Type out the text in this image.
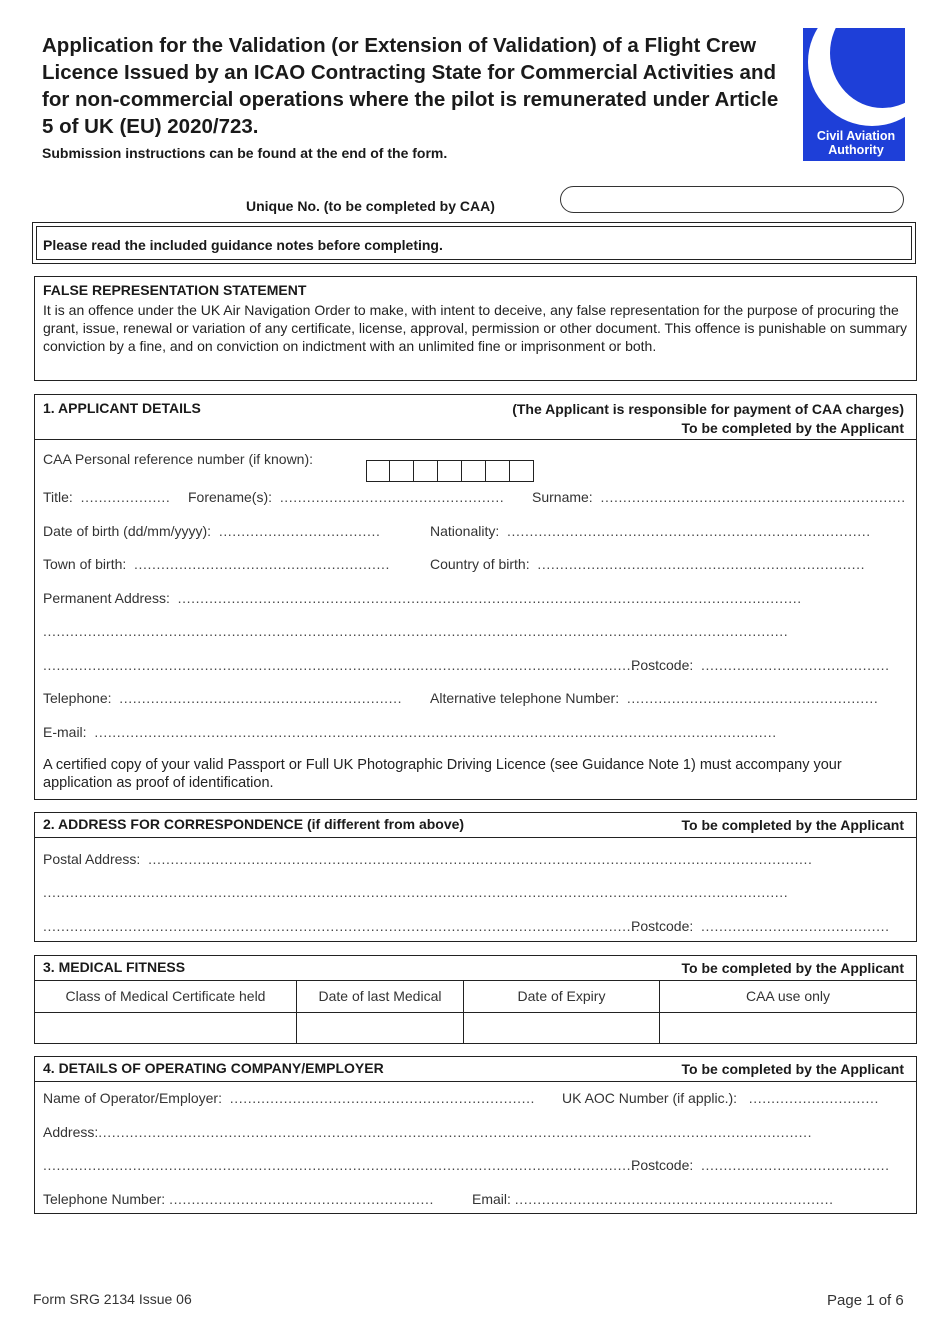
Application for the Validation (or Extension of Validation) of a Flight Crew Licence Issued by an ICAO Contracting State for Commercial Activities and for non-commercial operations where the pilot is remunerated under Article 5 of UK (EU) 2020/723.
Submission instructions can be found at the end of the form.
Civil Aviation
Authority
Unique No. (to be completed by CAA)
Please read the included guidance notes before completing.
FALSE REPRESENTATION STATEMENT
It is an offence under the UK Air Navigation Order to make, with intent to deceive, any false representation for the purpose of procuring the grant, issue, renewal or variation of any certificate, license, approval, permission or other document. This offence is punishable on summary conviction by a fine, and on conviction on indictment with an unlimited fine or imprisonment or both.
1. APPLICANT DETAILS	(The Applicant is responsible for payment of CAA charges)
To be completed by the Applicant
CAA Personal reference number (if known):
Title: .................... Forename(s): .................................................. Surname: ....................................................................
Date of birth (dd/mm/yyyy): ....................................	Nationality: .................................................................................
Town of birth: .........................................................	Country of birth: .........................................................................
Permanent Address: ...........................................................................................................................................
......................................................................................................................................................................
.....................................................................................................................................
Postcode: ..........................................
Telephone: ............................................................... Alternative telephone Number: ........................................................
E-mail: ........................................................................................................................................................
A certified copy of your valid Passport or Full UK Photographic Driving Licence (see Guidance Note 1) must accompany your application as proof of identification.
2. ADDRESS FOR CORRESPONDENCE (if different from above)	To be completed by the Applicant
Postal Address: ....................................................................................................................................................
......................................................................................................................................................................
.....................................................................................................................................
Postcode: ..........................................
3. MEDICAL FITNESS	To be completed by the Applicant
Class of Medical Certificate held	Date of last Medical	Date of Expiry	CAA use only
4. DETAILS OF OPERATING COMPANY/EMPLOYER	To be completed by the Applicant
Name of Operator/Employer: .................................................................... UK AOC Number (if applic.): .............................
Address:...............................................................................................................................................................
.....................................................................................................................................
Postcode: ..........................................
Telephone Number: ...........................................................	Email: .......................................................................
Form SRG 2134 Issue 06	Page 1 of 6
